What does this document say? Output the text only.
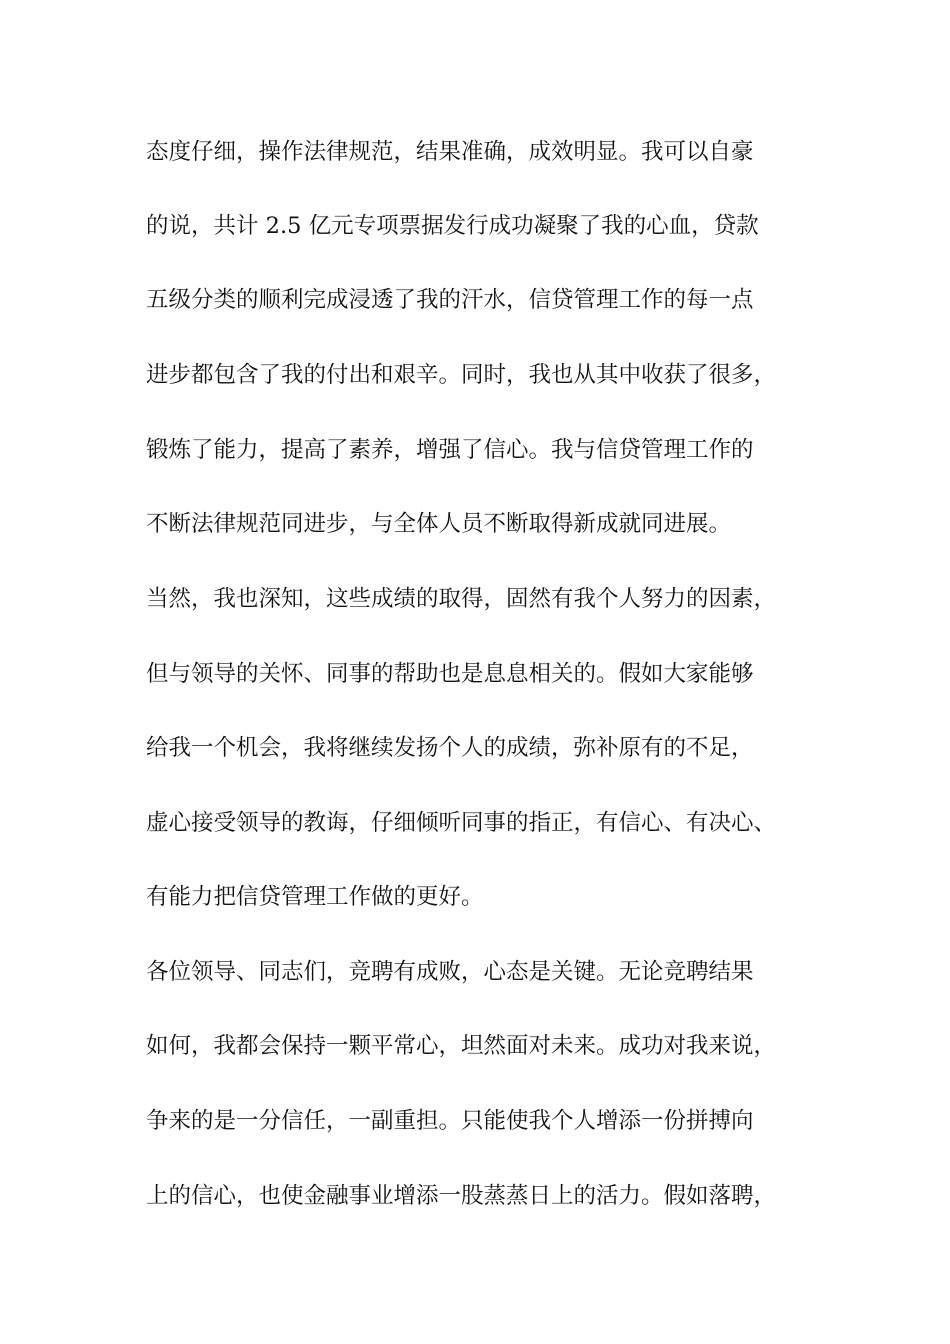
态度仔细，操作法律规范，结果准确，成效明显。我可以自豪
的说，共计 2.5 亿元专项票据发行成功凝聚了我的心血，贷款
五级分类的顺利完成浸透了我的汗水，信贷管理工作的每一点
进步都包含了我的付出和艰辛。同时，我也从其中收获了很多，
锻炼了能力，提高了素养，增强了信心。我与信贷管理工作的
不断法律规范同进步，与全体人员不断取得新成就同进展。
当然，我也深知，这些成绩的取得，固然有我个人努力的因素，
但与领导的关怀、同事的帮助也是息息相关的。假如大家能够
给我一个机会，我将继续发扬个人的成绩，弥补原有的不足，
虚心接受领导的教诲，仔细倾听同事的指正，有信心、有决心、
有能力把信贷管理工作做的更好。
各位领导、同志们，竞聘有成败，心态是关键。无论竞聘结果
如何，我都会保持一颗平常心，坦然面对未来。成功对我来说，
争来的是一分信任，一副重担。只能使我个人增添一份拼搏向
上的信心，也使金融事业增添一股蒸蒸日上的活力。假如落聘，
